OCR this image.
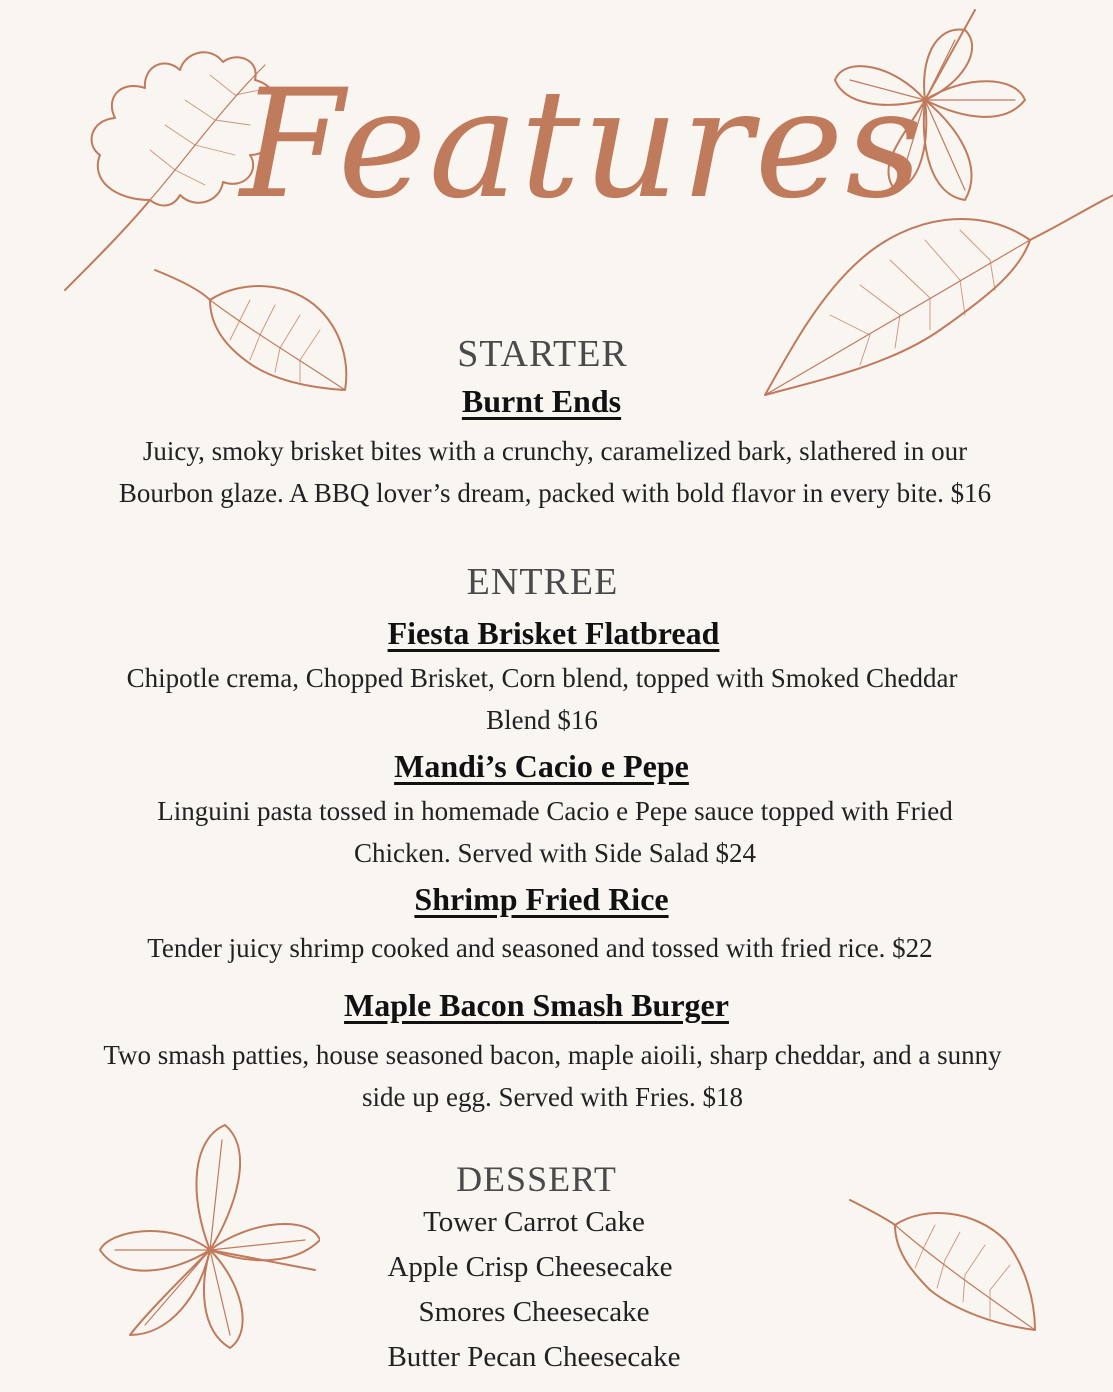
Features
STARTER
Burnt Ends
Juicy, smoky brisket bites with a crunchy, caramelized bark, slathered in our Bourbon glaze. A BBQ lover’s dream, packed with bold flavor in every bite. $16
ENTREE
Fiesta Brisket Flatbread
Chipotle crema, Chopped Brisket, Corn blend, topped with Smoked Cheddar Blend $16
Mandi’s Cacio e Pepe
Linguini pasta tossed in homemade Cacio e Pepe sauce topped with Fried Chicken. Served with Side Salad $24
Shrimp Fried Rice
Tender juicy shrimp cooked and seasoned and tossed with fried rice. $22
Maple Bacon Smash Burger
Two smash patties, house seasoned bacon, maple aioili, sharp cheddar, and a sunny side up egg. Served with Fries. $18
DESSERT
Tower Carrot Cake
Apple Crisp Cheesecake
Smores Cheesecake
Butter Pecan Cheesecake
